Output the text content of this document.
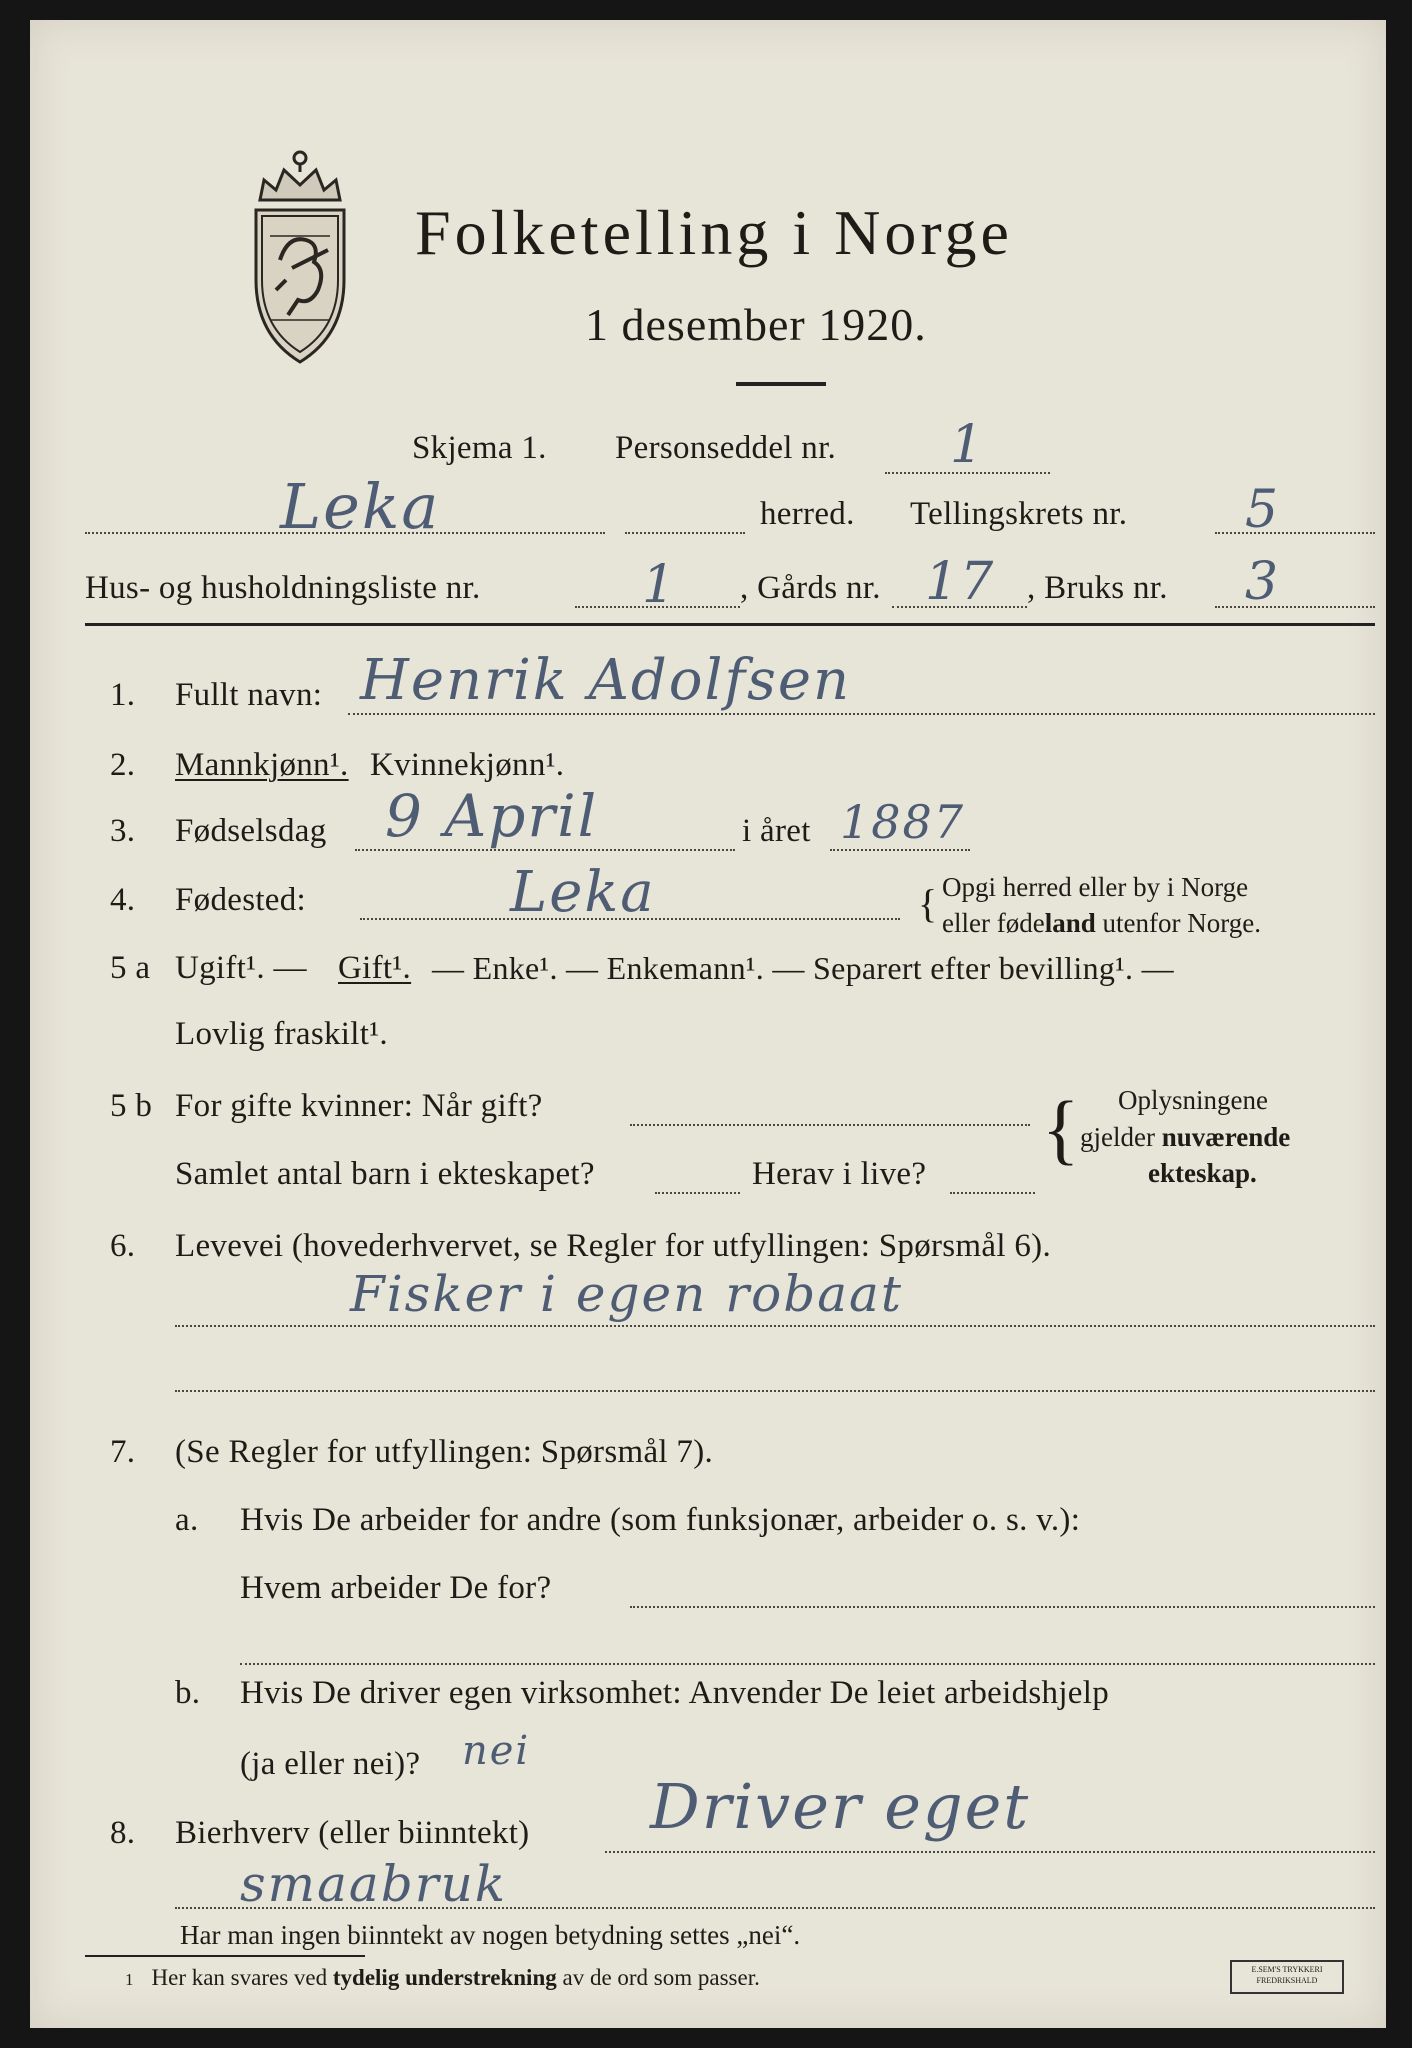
Folketelling i Norge
1 desember 1920.
Skjema 1. Personseddel nr. 1
Leka	herred. Tellingskrets nr. 5
Hus- og husholdningsliste nr.	1 , Gårds nr. 17 , Bruks nr. 3
1. Fullt navn: Henrik Adolfsen
2. Mannkjønn¹. Kvinnekjønn¹.
3. Fødselsdag 9 April	i året 1887
4. Fødested:	Leka	{ Opgi herred eller by i Norge
eller fødeland utenfor Norge.
5 a Ugift¹. — Gift¹. — Enke¹. — Enkemann¹. — Separert efter bevilling¹. —
Lovlig fraskilt¹.
5 b For gifte kvinner: Når gift?
Samlet antal barn i ekteskapet?	Herav i live?
{ Oplysningene
gjelder nuværende
ekteskap.
6. Levevei (hovederhvervet, se Regler for utfyllingen: Spørsmål 6).
Fisker i egen robaat
7. (Se Regler for utfyllingen: Spørsmål 7).
a. Hvis De arbeider for andre (som funksjonær, arbeider o. s. v.):
Hvem arbeider De for?
b. Hvis De driver egen virksomhet: Anvender De leiet arbeidshjelp
(ja eller nei)? nei
8. Bierhverv (eller biinntekt) Driver eget
smaabruk
Har man ingen biinntekt av nogen betydning settes „nei“.
1 Her kan svares ved tydelig understrekning av de ord som passer.	E.SEM'S TRYKKERI
FREDRIKSHALD
